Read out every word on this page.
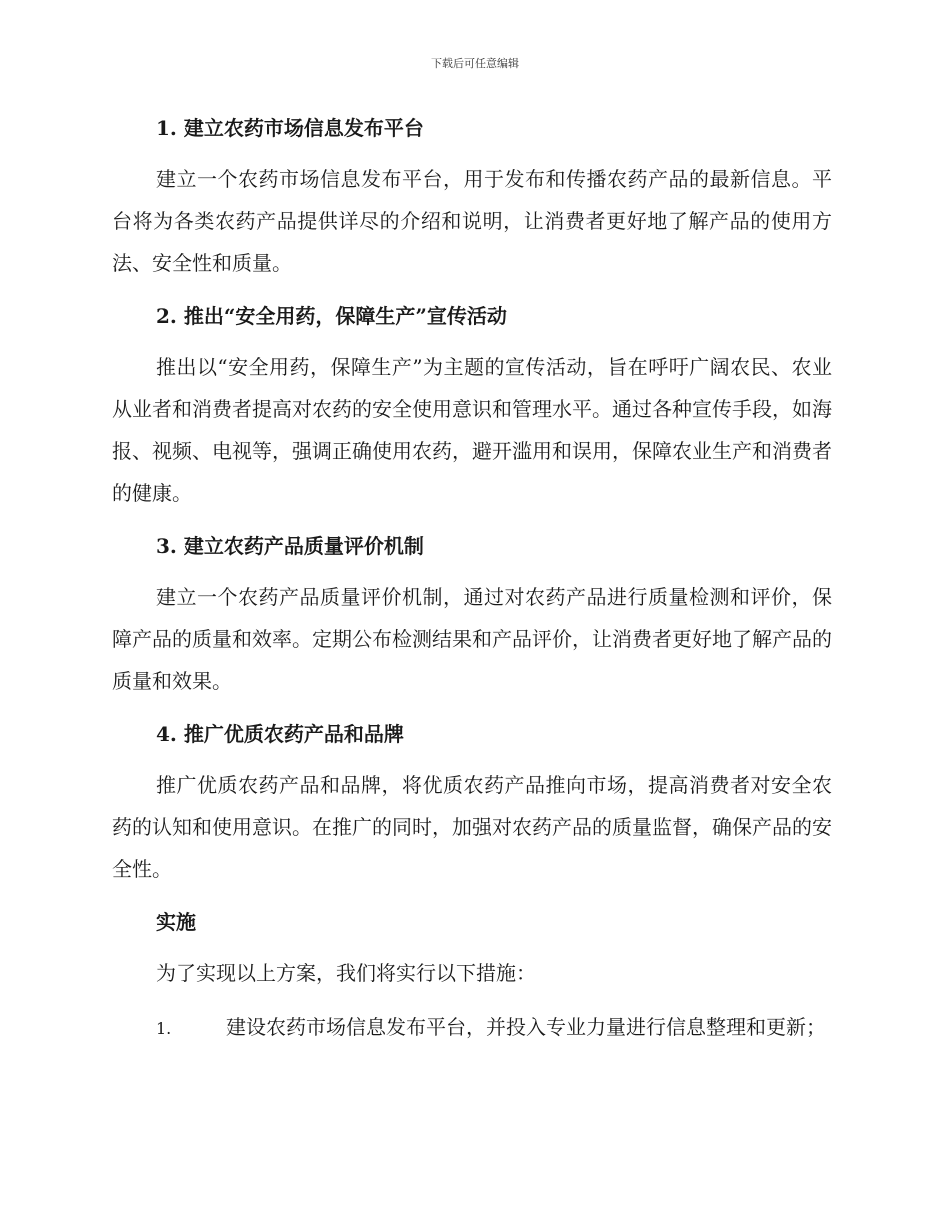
下载后可任意编辑
1. 建立农药市场信息发布平台

建立一个农药市场信息发布平台，用于发布和传播农药产品的最新信息。平台将为各类农药产品提供详尽的介绍和说明，让消费者更好地了解产品的使用方法、安全性和质量。

2. 推出“安全用药，保障生产”宣传活动

推出以“安全用药，保障生产”为主题的宣传活动，旨在呼吁广阔农民、农业从业者和消费者提高对农药的安全使用意识和管理水平。通过各种宣传手段，如海报、视频、电视等，强调正确使用农药，避开滥用和误用，保障农业生产和消费者的健康。

3. 建立农药产品质量评价机制

建立一个农药产品质量评价机制，通过对农药产品进行质量检测和评价，保障产品的质量和效率。定期公布检测结果和产品评价，让消费者更好地了解产品的质量和效果。

4. 推广优质农药产品和品牌

推广优质农药产品和品牌，将优质农药产品推向市场，提高消费者对安全农药的认知和使用意识。在推广的同时，加强对农药产品的质量监督，确保产品的安全性。

实施

为了实现以上方案，我们将实行以下措施：

1.	建设农药市场信息发布平台，并投入专业力量进行信息整理和更新；
